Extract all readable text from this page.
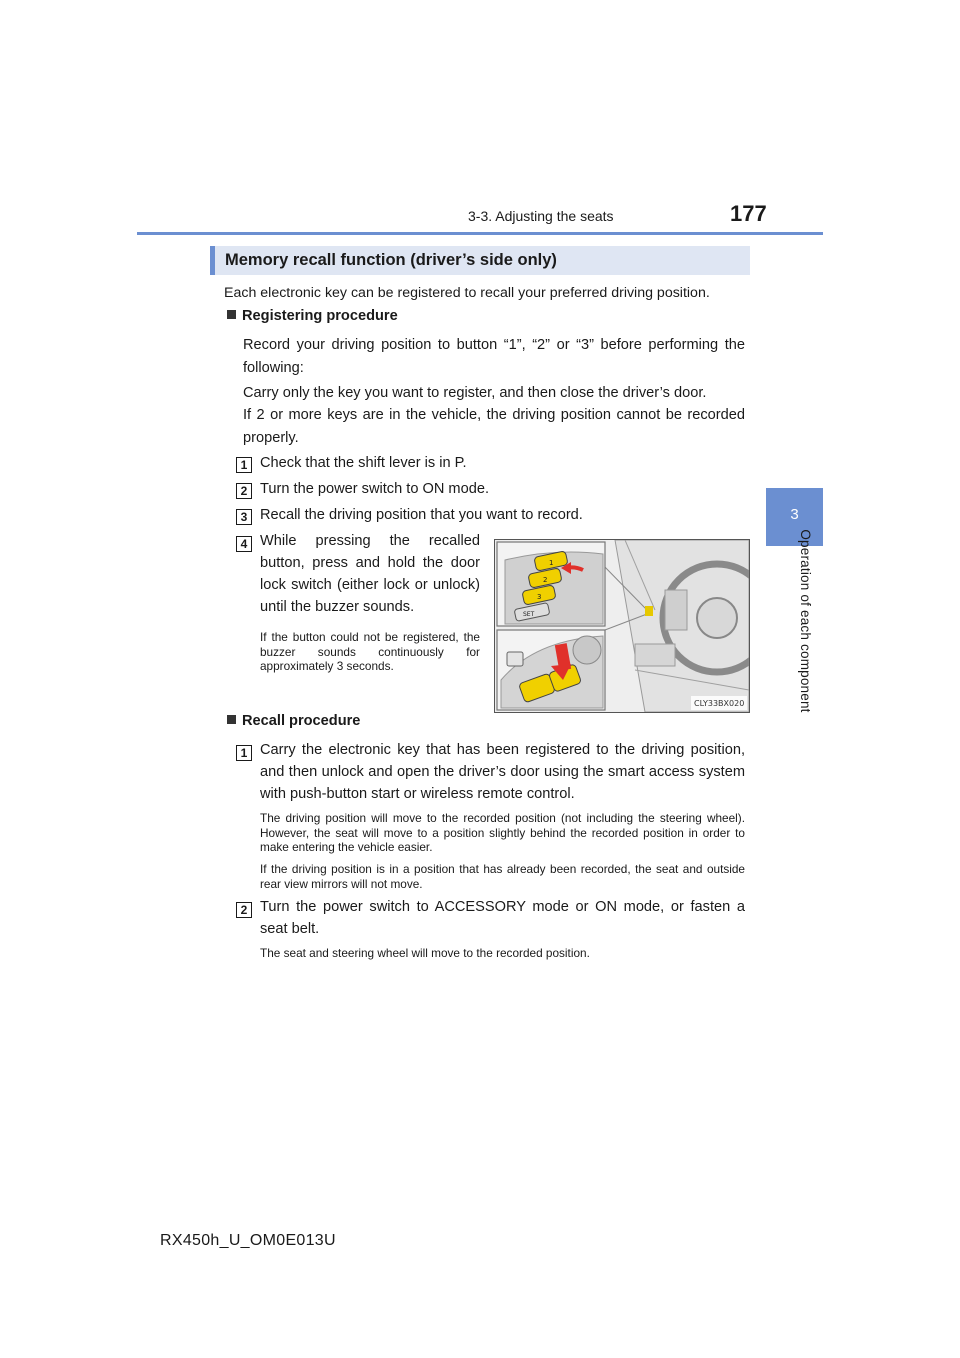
3-3. Adjusting the seats	177
3
Operation of each component
Memory recall function (driver’s side only)
Each electronic key can be registered to recall your preferred driving position.
Registering procedure
Record your driving position to button “1”, “2” or “3” before performing the following:
Carry only the key you want to register, and then close the driver’s door.
If 2 or more keys are in the vehicle, the driving position cannot be recorded properly.
1 Check that the shift lever is in P.
2 Turn the power switch to ON mode.
3 Recall the driving position that you want to record.
4 While pressing the recalled button, press and hold the door lock switch (either lock or unlock) until the buzzer sounds.
If the button could not be registered, the buzzer sounds continuously for approximately 3 seconds.
1
2
3
SET
CLY33BX020
Recall procedure
1 Carry the electronic key that has been registered to the driving position, and then unlock and open the driver’s door using the smart access system with push-button start or wireless remote control.
The driving position will move to the recorded position (not including the steering wheel). However, the seat will move to a position slightly behind the recorded position in order to make entering the vehicle easier.
If the driving position is in a position that has already been recorded, the seat and outside rear view mirrors will not move.
2 Turn the power switch to ACCESSORY mode or ON mode, or fasten a seat belt.
The seat and steering wheel will move to the recorded position.
RX450h_U_OM0E013U
